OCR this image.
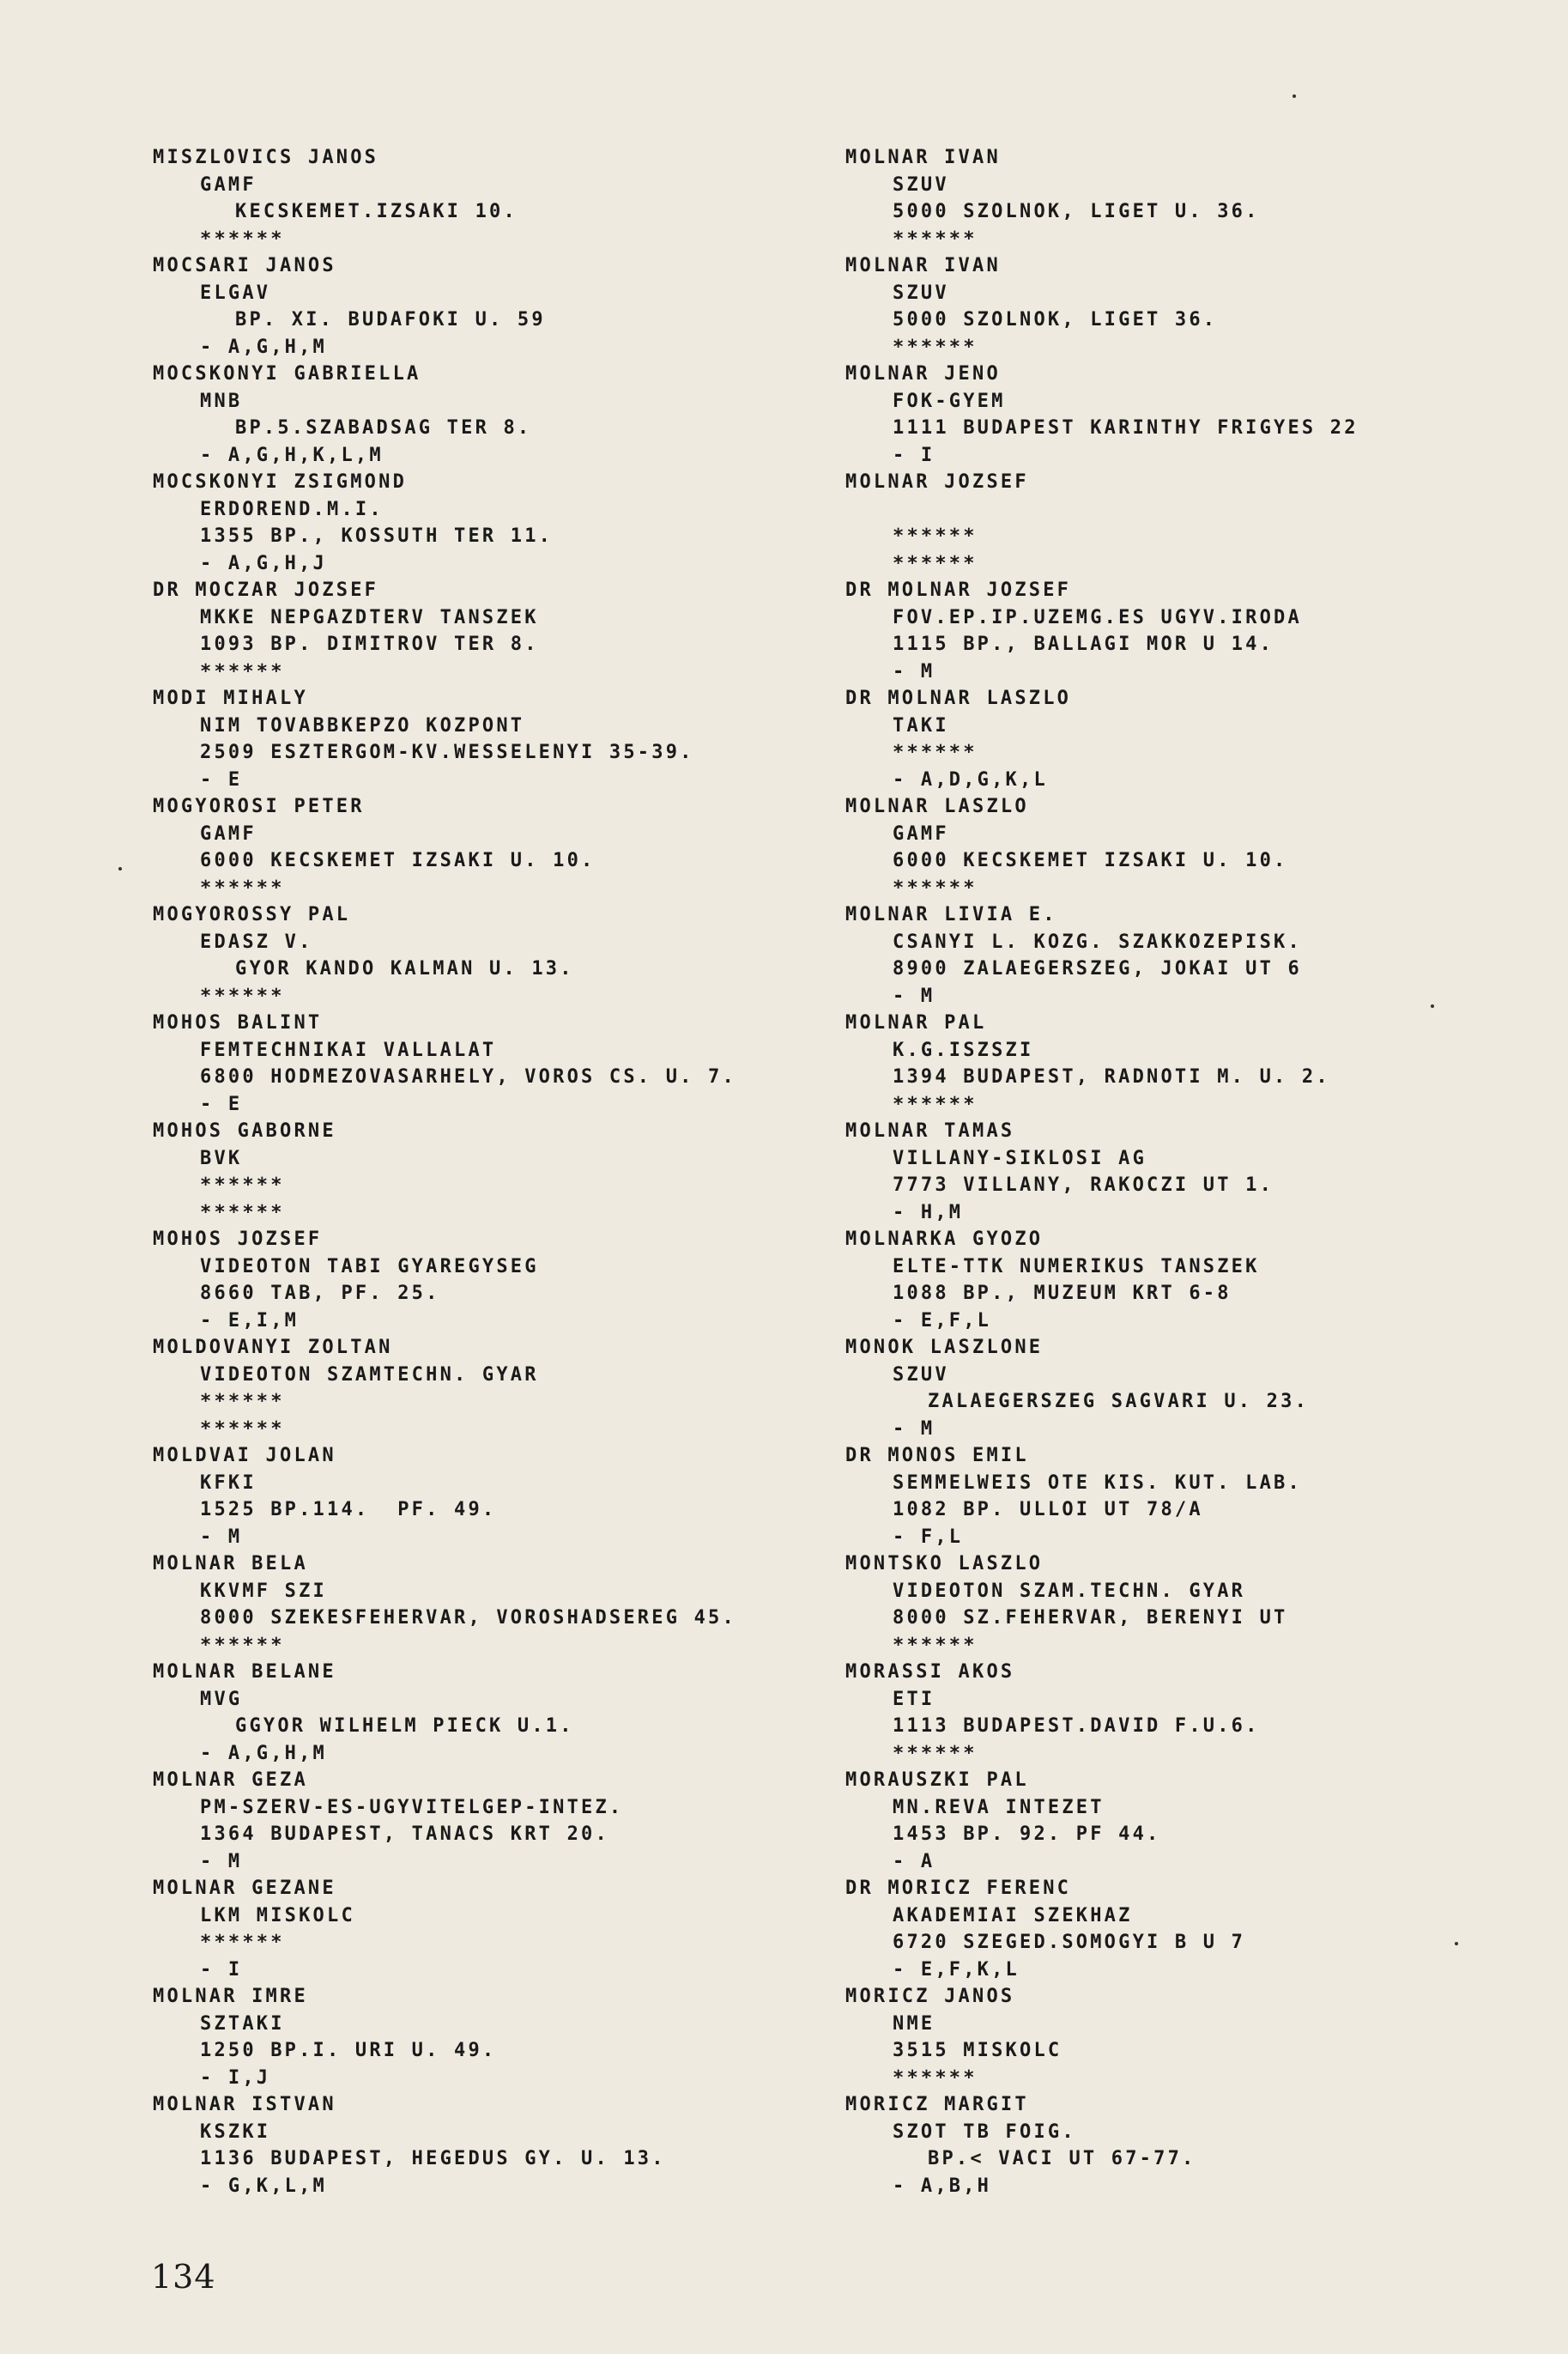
MISZLOVICS JANOS
GAMF
KECSKEMET.IZSAKI 10.
******
MOCSARI JANOS
ELGAV
BP. XI. BUDAFOKI U. 59
- A,G,H,M
MOCSKONYI GABRIELLA
MNB
BP.5.SZABADSAG TER 8.
- A,G,H,K,L,M
MOCSKONYI ZSIGMOND
ERDOREND.M.I.
1355 BP., KOSSUTH TER 11.
- A,G,H,J
DR MOCZAR JOZSEF
MKKE NEPGAZDTERV TANSZEK
1093 BP. DIMITROV TER 8.
******
MODI MIHALY
NIM TOVABBKEPZO KOZPONT
2509 ESZTERGOM-KV.WESSELENYI 35-39.
- E
MOGYOROSI PETER
GAMF
6000 KECSKEMET IZSAKI U. 10.
******
MOGYOROSSY PAL
EDASZ V.
GYOR KANDO KALMAN U. 13.
******
MOHOS BALINT
FEMTECHNIKAI VALLALAT
6800 HODMEZOVASARHELY, VOROS CS. U. 7.
- E
MOHOS GABORNE
BVK
******
******
MOHOS JOZSEF
VIDEOTON TABI GYAREGYSEG
8660 TAB, PF. 25.
- E,I,M
MOLDOVANYI ZOLTAN
VIDEOTON SZAMTECHN. GYAR
******
******
MOLDVAI JOLAN
KFKI
1525 BP.114.  PF. 49.
- M
MOLNAR BELA
KKVMF SZI
8000 SZEKESFEHERVAR, VOROSHADSEREG 45.
******
MOLNAR BELANE
MVG
GGYOR WILHELM PIECK U.1.
- A,G,H,M
MOLNAR GEZA
PM-SZERV-ES-UGYVITELGEP-INTEZ.
1364 BUDAPEST, TANACS KRT 20.
- M
MOLNAR GEZANE
LKM MISKOLC
******
- I
MOLNAR IMRE
SZTAKI
1250 BP.I. URI U. 49.
- I,J
MOLNAR ISTVAN
KSZKI
1136 BUDAPEST, HEGEDUS GY. U. 13.
- G,K,L,M
MOLNAR IVAN
SZUV
5000 SZOLNOK, LIGET U. 36.
******
MOLNAR IVAN
SZUV
5000 SZOLNOK, LIGET 36.
******
MOLNAR JENO
FOK-GYEM
1111 BUDAPEST KARINTHY FRIGYES 22
- I
MOLNAR JOZSEF
******
******
DR MOLNAR JOZSEF
FOV.EP.IP.UZEMG.ES UGYV.IRODA
1115 BP., BALLAGI MOR U 14.
- M
DR MOLNAR LASZLO
TAKI
******
- A,D,G,K,L
MOLNAR LASZLO
GAMF
6000 KECSKEMET IZSAKI U. 10.
******
MOLNAR LIVIA E.
CSANYI L. KOZG. SZAKKOZEPISK.
8900 ZALAEGERSZEG, JOKAI UT 6
- M
MOLNAR PAL
K.G.ISZSZI
1394 BUDAPEST, RADNOTI M. U. 2.
******
MOLNAR TAMAS
VILLANY-SIKLOSI AG
7773 VILLANY, RAKOCZI UT 1.
- H,M
MOLNARKA GYOZO
ELTE-TTK NUMERIKUS TANSZEK
1088 BP., MUZEUM KRT 6-8
- E,F,L
MONOK LASZLONE
SZUV
ZALAEGERSZEG SAGVARI U. 23.
- M
DR MONOS EMIL
SEMMELWEIS OTE KIS. KUT. LAB.
1082 BP. ULLOI UT 78/A
- F,L
MONTSKO LASZLO
VIDEOTON SZAM.TECHN. GYAR
8000 SZ.FEHERVAR, BERENYI UT
******
MORASSI AKOS
ETI
1113 BUDAPEST.DAVID F.U.6.
******
MORAUSZKI PAL
MN.REVA INTEZET
1453 BP. 92. PF 44.
- A
DR MORICZ FERENC
AKADEMIAI SZEKHAZ
6720 SZEGED.SOMOGYI B U 7
- E,F,K,L
MORICZ JANOS
NME
3515 MISKOLC
******
MORICZ MARGIT
SZOT TB FOIG.
BP.< VACI UT 67-77.
- A,B,H
134
